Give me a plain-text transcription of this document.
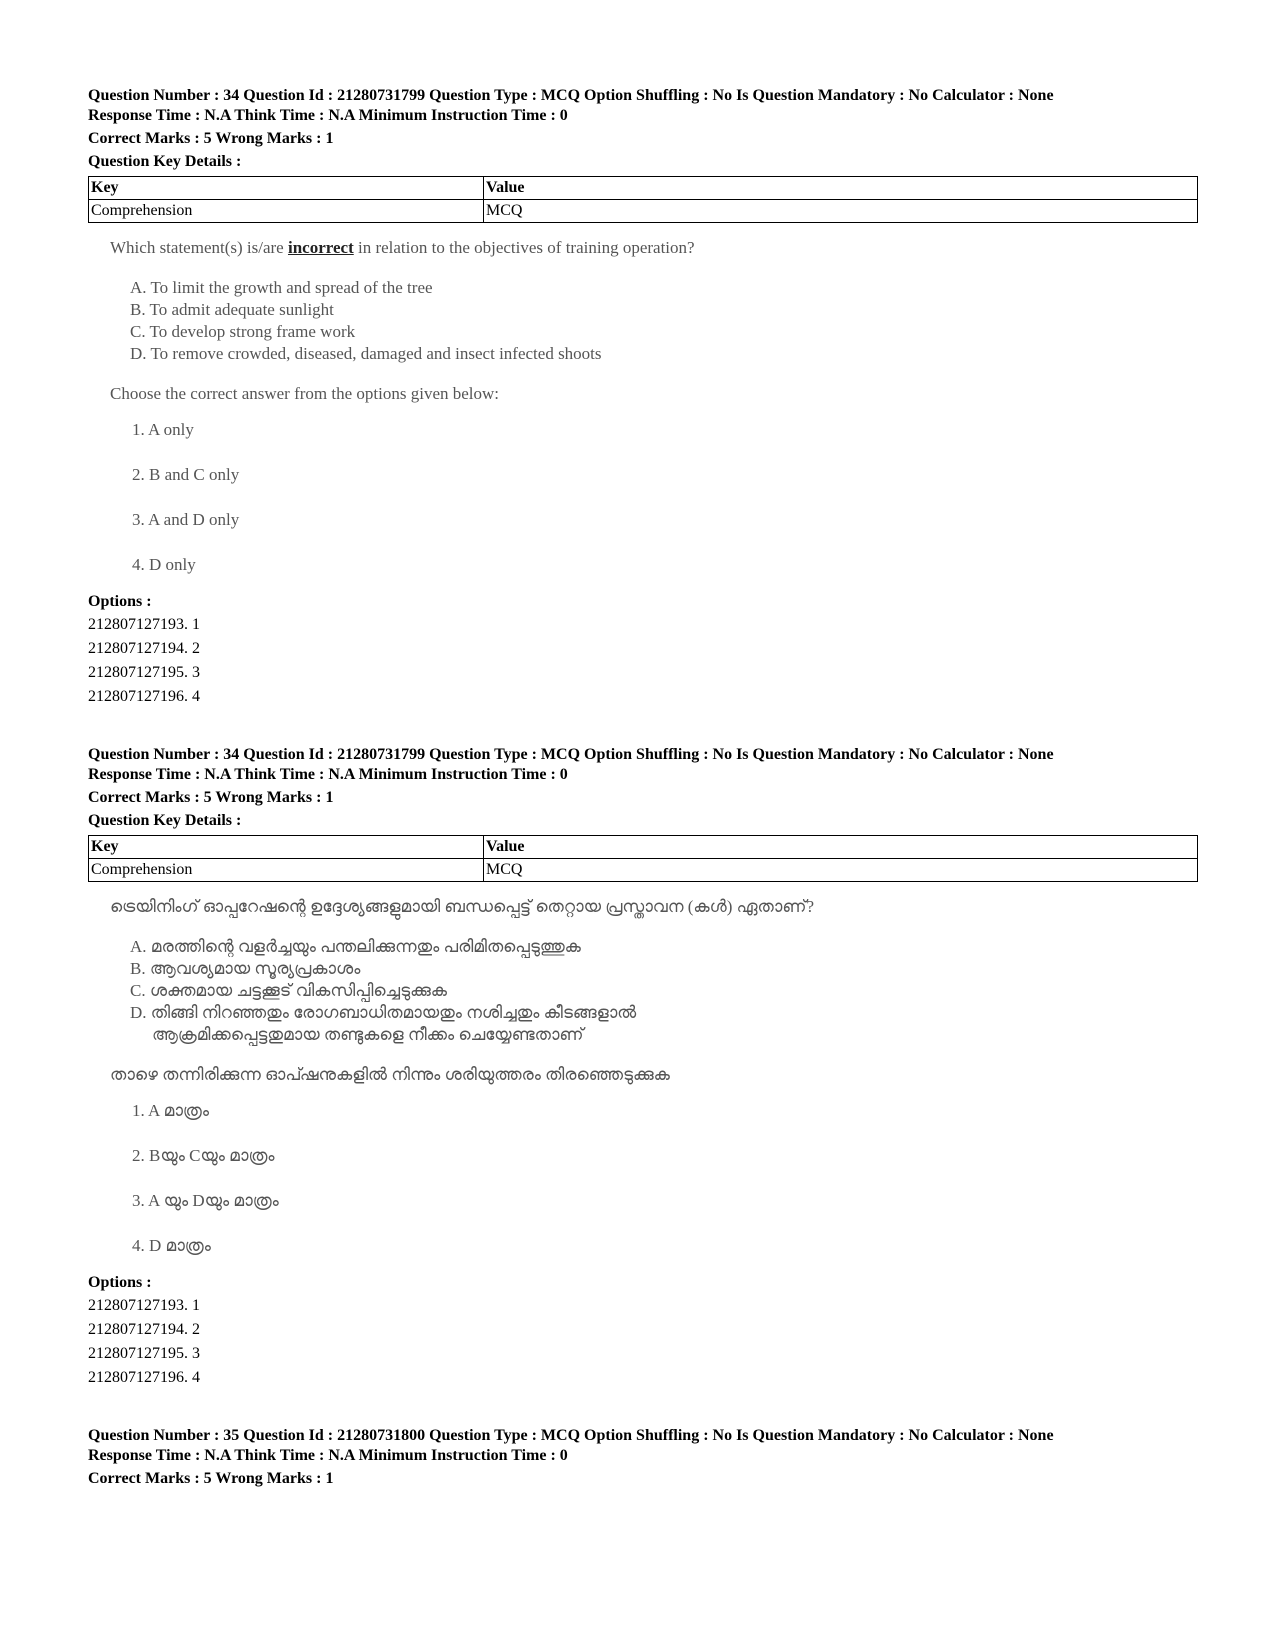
Question Number : 34 Question Id : 21280731799 Question Type : MCQ Option Shuffling : No Is Question Mandatory : No Calculator : None
Response Time : N.A Think Time : N.A Minimum Instruction Time : 0
Correct Marks : 5 Wrong Marks : 1
Question Key Details :
Key	Value
Comprehension	MCQ
Which statement(s) is/are incorrect in relation to the objectives of training operation?
A. To limit the growth and spread of the tree
B. To admit adequate sunlight
C. To develop strong frame work
D. To remove crowded, diseased, damaged and insect infected shoots
Choose the correct answer from the options given below:
1. A only
2. B and C only
3. A and D only
4. D only
Options :
212807127193. 1
212807127194. 2
212807127195. 3
212807127196. 4
Question Number : 34 Question Id : 21280731799 Question Type : MCQ Option Shuffling : No Is Question Mandatory : No Calculator : None
Response Time : N.A Think Time : N.A Minimum Instruction Time : 0
Correct Marks : 5 Wrong Marks : 1
Question Key Details :
Key	Value
Comprehension	MCQ
ട്രെയിനിംഗ് ഓപ്പറേഷന്റെ ഉദ്ദേശ്യങ്ങളുമായി ബന്ധപ്പെട്ട് തെറ്റായ പ്രസ്താവന (കൾ) ഏതാണ്?
A. മരത്തിന്റെ വളർച്ചയും പന്തലിക്കുന്നതും പരിമിതപ്പെടുത്തുക
B. ആവശ്യമായ സൂര്യപ്രകാശം
C. ശക്തമായ ചട്ടക്കൂട് വികസിപ്പിച്ചെടുക്കുക
D. തിങ്ങി നിറഞ്ഞതും രോഗബാധിതമായതും നശിച്ചതും കീടങ്ങളാൽ
ആക്രമിക്കപ്പെട്ടതുമായ തണ്ടുകളെ നീക്കം ചെയ്യേണ്ടതാണ്
താഴെ തന്നിരിക്കുന്ന ഓപ്ഷനുകളിൽ നിന്നും ശരിയുത്തരം തിരഞ്ഞെടുക്കുക
1. A മാത്രം
2. Bയും Cയും മാത്രം
3. A യും Dയും മാത്രം
4. D മാത്രം
Options :
212807127193. 1
212807127194. 2
212807127195. 3
212807127196. 4
Question Number : 35 Question Id : 21280731800 Question Type : MCQ Option Shuffling : No Is Question Mandatory : No Calculator : None
Response Time : N.A Think Time : N.A Minimum Instruction Time : 0
Correct Marks : 5 Wrong Marks : 1
